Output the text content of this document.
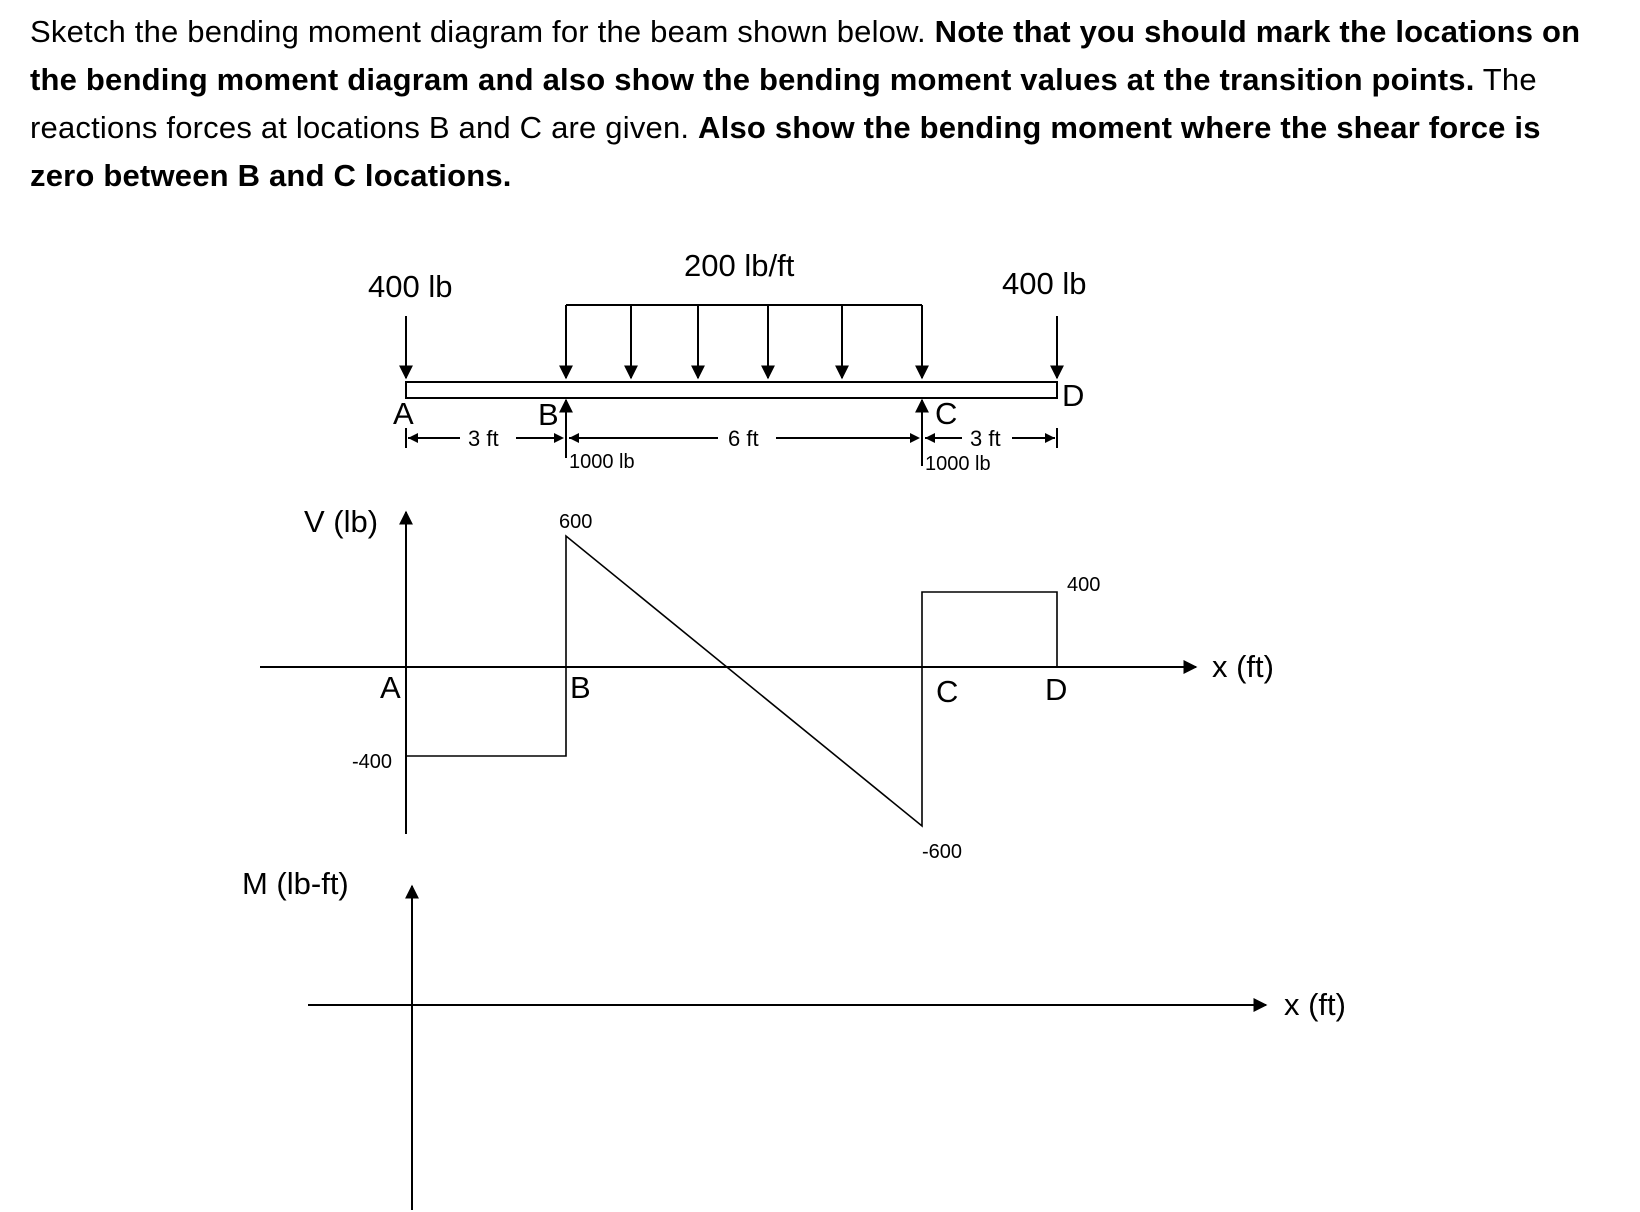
Sketch the bending moment diagram for the beam shown below. Note that you should mark the locations on the bending moment diagram and also show the bending moment values at the transition points. The reactions forces at locations B and C are given. Also show the bending moment where the shear force is zero between B and C locations.
400 lb
200 lb/ft
400 lb
A	B	C
D
1000 lb	1000 lb
3 ft	6 ft	3 ft
V (lb)
x (ft)
600
400
-400
-600
A	B	C	D
M (lb-ft)
x (ft)
